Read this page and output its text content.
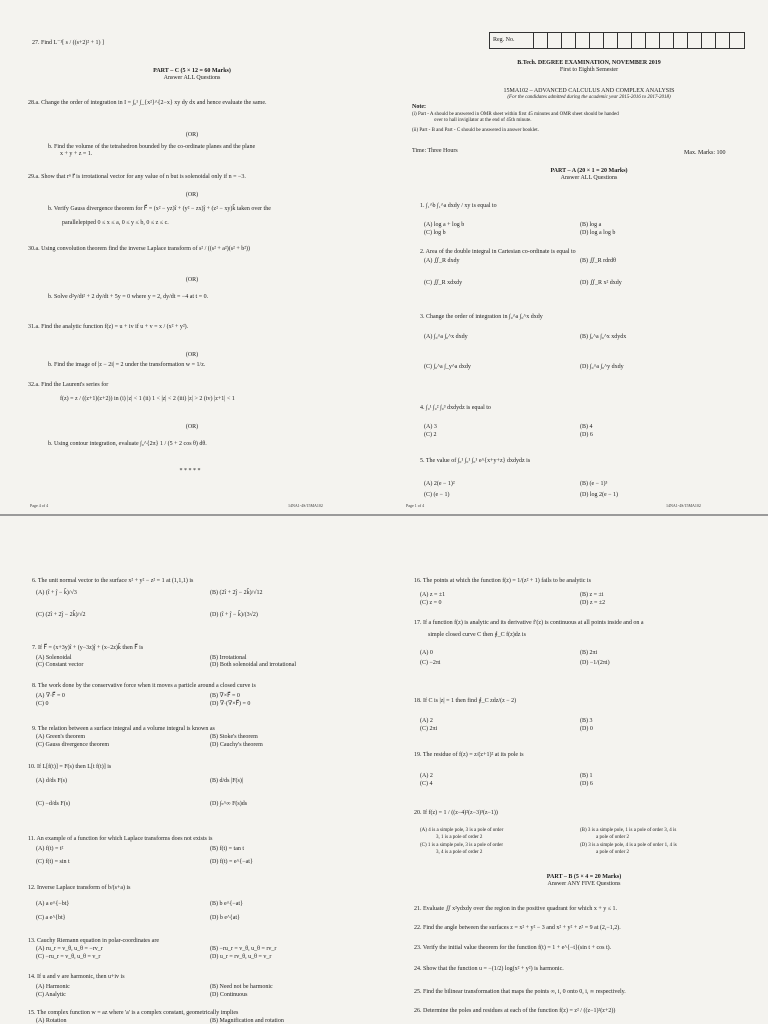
27. Find L⁻¹[ s / ((s+2)² + 1) ]
PART – C (5 × 12 = 60 Marks)
Answer ALL Questions
28.a. Change the order of integration in I = ∫₀¹ ∫_{x²}^{2−x} xy dy dx and hence evaluate the same.
(OR)
b. Find the volume of the tetrahedron bounded by the co-ordinate planes and the plane
x + y + z = 1.
29.a. Show that rⁿ r⃗ is irrotational vector for any value of n but is solenoidal only if n = −3.
(OR)
b. Verify Gauss divergence theorem for F⃗ = (x² − yz)î + (y² − zx)ĵ + (z² − xy)k̂ taken over the
parallelepiped 0 ≤ x ≤ a, 0 ≤ y ≤ b, 0 ≤ z ≤ c.
30.a. Using convolution theorem find the inverse Laplace transform of s² / ((s² + a²)(s² + b²))
(OR)
b. Solve d²y/dt² + 2 dy/dt + 5y = 0 where y = 2, dy/dt = −4 at t = 0.
31.a. Find the analytic function f(z) = u + iv if u + v = x / (x² + y²).
(OR)
b. Find the image of |z − 2i| = 2 under the transformation w = 1/z.
32.a. Find the Laurent's series for
f(z) = z / ((z+1)(z+2)) in (i) |z| < 1 (ii) 1 < |z| < 2 (iii) |z| > 2 (iv) |z+1| < 1
(OR)
b. Using contour integration, evaluate ∫₀^{2π} 1 / (5 + 2 cos θ) dθ.
* * * * *
Page 4 of 4	14NA1-4S/15MA102
Reg. No.
B.Tech. DEGREE EXAMINATION, NOVEMBER 2019
First to Eighth Semester
15MA102 – ADVANCED CALCULUS AND COMPLEX ANALYSIS
(For the candidates admitted during the academic year 2015-2016 to 2017-2018)
Note:
(i) Part - A should be answered in OMR sheet within first 45 minutes and OMR sheet should be handed
over to hall invigilator at the end of 45th minute.
(ii) Part - B and Part - C should be answered in answer booklet.
Time: Three Hours	Max. Marks: 100
PART – A (20 × 1 = 20 Marks)
Answer ALL Questions
1. ∫₁^b ∫₁^a dxdy / xy is equal to
(A) log a + log b	(B) log a
(C) log b	(D) log a log b
2. Area of the double integral in Cartesian co-ordinate is equal to
(A) ∬_R dxdy	(B) ∬_R rdrdθ
(C) ∬_R xdxdy	(D) ∬_R x² dxdy
3. Change the order of integration in ∫₀^a ∫₀^x dxdy
(A) ∫₀^a ∫₀^x dxdy	(B) ∫₀^a ∫₀^x xdydx
(C) ∫₀^a ∫_y^a dxdy	(D) ∫₀^a ∫₀^y dxdy
4. ∫₀¹ ∫₀² ∫₀³ dxdydz is equal to
(A) 3	(B) 4
(C) 2	(D) 6
5. The value of ∫₀¹ ∫₀¹ ∫₀¹ e^{x+y+z} dxdydz is
(A) 2(e − 1)²	(B) (e − 1)³
(C) (e − 1)	(D) log 2(e − 1)
Page 1 of 4	14NA1-4S/15MA102
6. The unit normal vector to the surface x² + y² − z² = 1 at (1,1,1) is
(A) (î + ĵ − k̂)/√3	(B) (2î + 2ĵ − 2k̂)/√12
(C) (2î + 2ĵ − 2k̂)/√2	(D) (î + ĵ − k̂)/(3√2)
7. If F⃗ = (x+3y)î + (y−3z)ĵ + (x−2z)k̂ then F⃗ is
(A) Solenoidal	(B) Irrotational
(C) Constant vector	(D) Both solenoidal and irrotational
8. The work done by the conservative force when it moves a particle around a closed curve is
(A) ∇·F⃗ = 0	(B) ∇×F⃗ = 0
(C) 0	(D) ∇·(∇×F⃗) = 0
9. The relation between a surface integral and a volume integral is known as
(A) Green's theorem	(B) Stoke's theorem
(C) Gauss divergence theorem	(D) Cauchy's theorem
10. If L[f(t)] = F(s) then L[t f(t)] is
(A) d/ds F(s)	(B) d/ds |F(s)|
(C) −d/ds F(s)	(D) ∫ₛ^∞ F(s)ds
11. An example of a function for which Laplace transforms does not exists is
(A) f(t) = t²	(B) f(t) = tan t
(C) f(t) = sin t	(D) f(t) = e^{−at}
12. Inverse Laplace transform of b/(s+a) is
(A) a e^{−bt}	(B) b e^{−at}
(C) a e^{bt}	(D) b e^{at}
13. Cauchy Riemann equation in polar-coordinates are
(A) ru_r = v_θ, u_θ = −rv_r	(B) −ru_r = v_θ, u_θ = rv_r
(C) −ru_r = v_θ, u_θ = v_r	(D) u_r = rv_θ, u_θ = v_r
14. If u and v are harmonic, then u+iv is
(A) Harmonic	(B) Need not be harmonic
(C) Analytic	(D) Continuous
15. The complex function w = az where 'a' is a complex constant, geometrically implies
(A) Rotation	(B) Magnification and rotation
16. The points at which the function f(z) = 1/(z² + 1) fails to be analytic is
(A) z = ±1	(B) z = ±i
(C) z = 0	(D) z = ±2
17. If a function f(z) is analytic and its derivative f′(z) is continuous at all points inside and on a
simple closed curve C then ∮_C f(z)dz is
(A) 0	(B) 2πi
(C) −2πi	(D) −1/(2πi)
18. If C is |z| = 1 then find ∮_C zdz/(z − 2)
(A) 2	(B) 3
(C) 2πi	(D) 0
19. The residue of f(z) = z/(z+1)² at its pole is
(A) 2	(B) 1
(C) 4	(D) 6
20. If f(z) = 1 / ((z−4)²(z−3)³(z−1))
(A) 4 is a simple pole, 3 is a pole of order
3, 1 is a pole of order 2
(B) 3 is a simple pole, 1 is a pole of order 3, 4 is
a pole of order 2
(C) 1 is a simple pole, 3 is a pole of order
3, 4 is a pole of order 2
(D) 3 is a simple pole, 4 is a pole of order 1, 4 is
a pole of order 2
PART – B (5 × 4 = 20 Marks)
Answer ANY FIVE Questions
21. Evaluate ∬ x²ydxdy over the region in the positive quadrant for which x + y ≤ 1.
22. Find the angle between the surfaces z = x² + y² − 3 and x² + y² + z² = 9 at (2,−1,2).
23. Verify the initial value theorem for the function f(t) = 1 + e^{−t}(sin t + cos t).
24. Show that the function u = −(1/2) log(x² + y²) is harmonic.
25. Find the bilinear transformation that maps the points ∞, i, 0 onto 0, i, ∞ respectively.
26. Determine the poles and residues at each of the function f(z) = z² / ((z−1)²(z+2))
